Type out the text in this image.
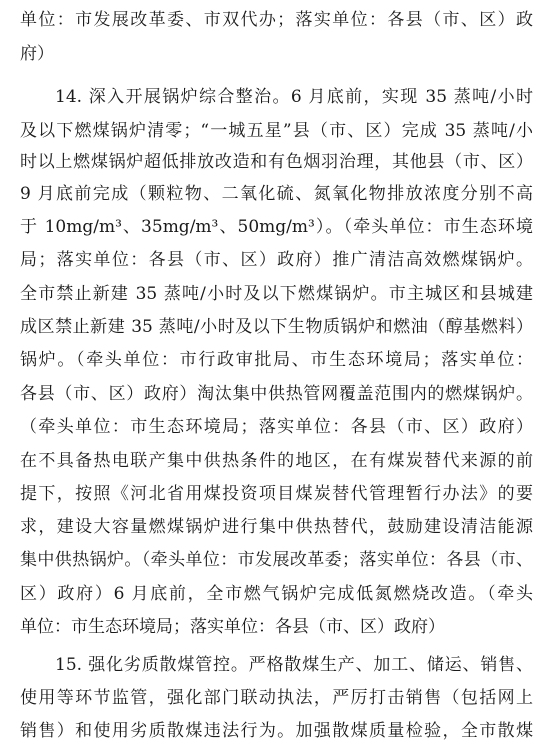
单位：市发展改革委、市双代办；落实单位：各县（市、区）政
府）
14. 深入开展锅炉综合整治。6 月底前，实现 35 蒸吨/小时
及以下燃煤锅炉清零；“一城五星”县（市、区）完成 35 蒸吨/小
时以上燃煤锅炉超低排放改造和有色烟羽治理，其他县（市、区）
9 月底前完成（颗粒物、二氧化硫、氮氧化物排放浓度分别不高
于 10mg/m³、35mg/m³、50mg/m³）。（牵头单位：市生态环境
局；落实单位：各县（市、区）政府）推广清洁高效燃煤锅炉。
全市禁止新建 35 蒸吨/小时及以下燃煤锅炉。市主城区和县城建
成区禁止新建 35 蒸吨/小时及以下生物质锅炉和燃油（醇基燃料）
锅炉。（牵头单位：市行政审批局、市生态环境局；落实单位：
各县（市、区）政府）淘汰集中供热管网覆盖范围内的燃煤锅炉。
（牵头单位：市生态环境局；落实单位：各县（市、区）政府）
在不具备热电联产集中供热条件的地区，在有煤炭替代来源的前
提下，按照《河北省用煤投资项目煤炭替代管理暂行办法》的要
求，建设大容量燃煤锅炉进行集中供热替代，鼓励建设清洁能源
集中供热锅炉。（牵头单位：市发展改革委；落实单位：各县（市、
区）政府）6 月底前，全市燃气锅炉完成低氮燃烧改造。（牵头
单位：市生态环境局；落实单位：各县（市、区）政府）
15. 强化劣质散煤管控。严格散煤生产、加工、储运、销售、
使用等环节监管，强化部门联动执法，严厉打击销售（包括网上
销售）和使用劣质散煤违法行为。加强散煤质量检验，全市散煤
